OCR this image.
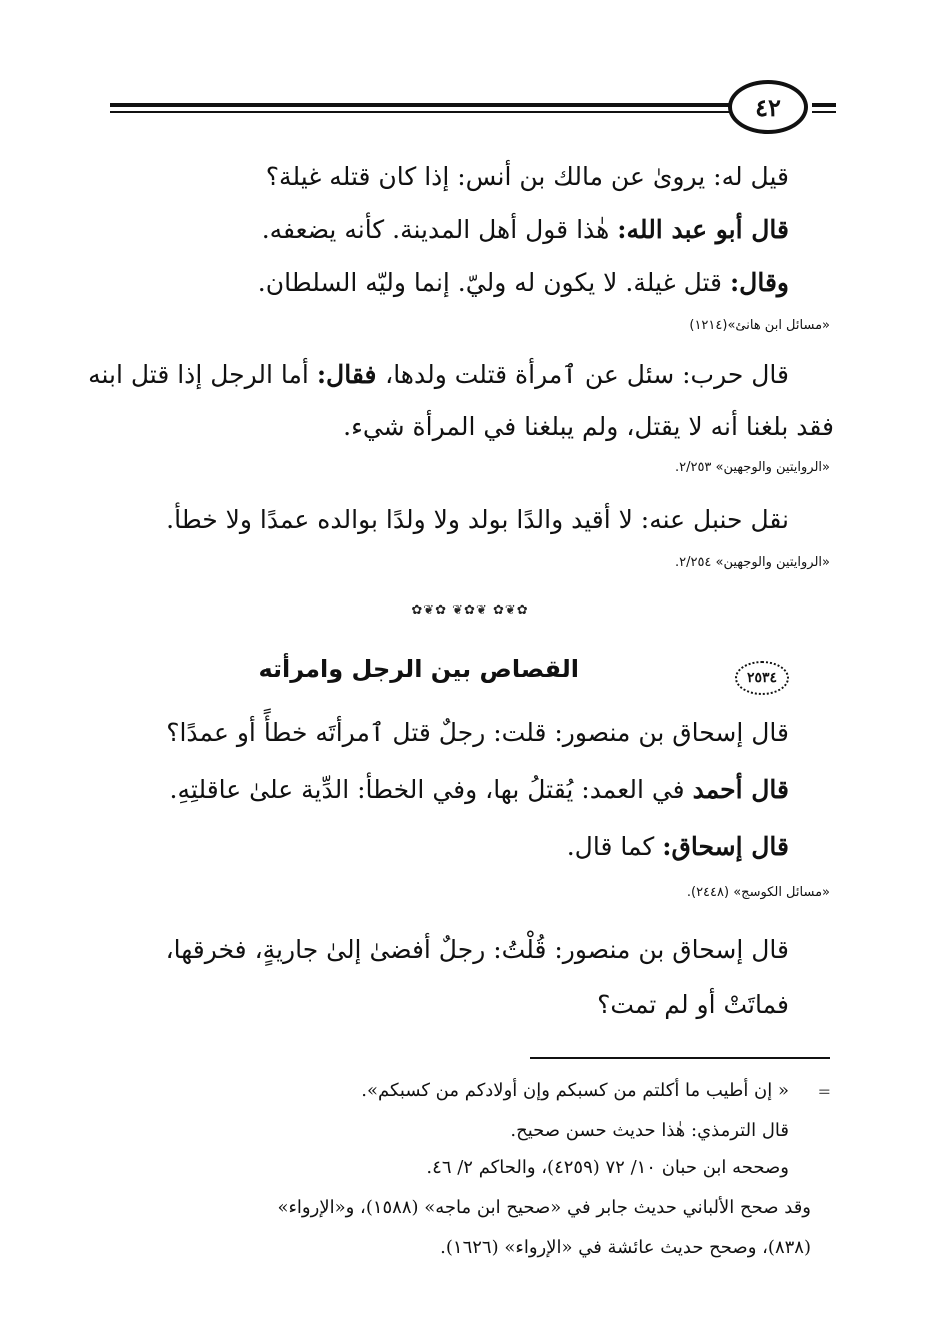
٤٢
قيل له: يروىٰ عن مالك بن أنس: إذا كان قتله غيلة؟
قال أبو عبد الله: هٰذا قول أهل المدينة. كأنه يضعفه.
وقال: قتل غيلة. لا يكون له وليّ. إنما وليّه السلطان.
«مسائل ابن هانئ»(١٢١٤)
قال حرب: سئل عن ٱمرأة قتلت ولدها، فقال: أما الرجل إذا قتل ابنه
فقد بلغنا أنه لا يقتل، ولم يبلغنا في المرأة شيء.
«الروايتين والوجهين» ٢/٢٥٣.
نقل حنبل عنه: لا أقيد والدًا بولد ولا ولدًا بوالده عمدًا ولا خطأ.
«الروايتين والوجهين» ٢/٢٥٤.
✿❦✿ ❦✿❦ ✿❦✿
٢٥٣٤
القصاص بين الرجل وامرأته
قال إسحاق بن منصور: قلت: رجلٌ قتل ٱمرأتَه خطأً أو عمدًا؟
قال أحمد في العمد: يُقتلُ بها، وفي الخطأ: الدِّية علىٰ عاقلتِهِ.
قال إسحاق: كما قال.
«مسائل الكوسج» (٢٤٤٨).
قال إسحاق بن منصور: قُلْتُ: رجلٌ أفضىٰ إلىٰ جاريةٍ، فخرقها،
فماتَتْ أو لم تمت؟
=
« إن أطيب ما أكلتم من كسبكم وإن أولادكم من كسبكم».
قال الترمذي: هٰذا حديث حسن صحيح.
وصححه ابن حبان ١٠/ ٧٢ (٤٢٥٩)، والحاكم ٢/ ٤٦.
وقد صحح الألباني حديث جابر في «صحيح ابن ماجه» (١٥٨٨)، و«الإرواء»
(٨٣٨)، وصحح حديث عائشة في «الإرواء» (١٦٢٦).
